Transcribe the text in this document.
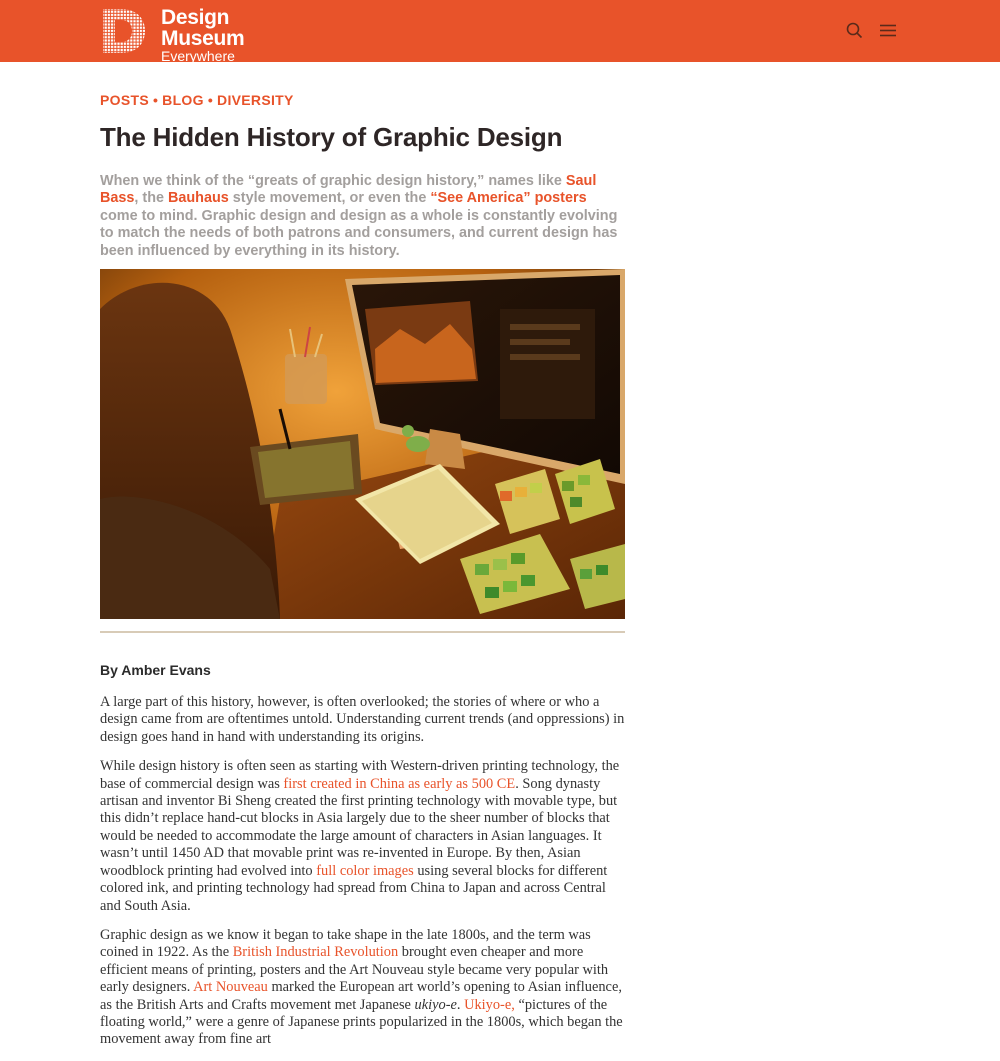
Design
Museum
Everywhere
POSTS • BLOG • DIVERSITY
The Hidden History of Graphic Design

When we think of the “greats of graphic design history,” names like Saul Bass, the Bauhaus style movement, or even the “See America” posters come to mind. Graphic design and design as a whole is constantly evolving to match the needs of both patrons and consumers, and current design has been influenced by everything in its history.

By Amber Evans

A large part of this history, however, is often overlooked; the stories of where or who a design came from are oftentimes untold. Understanding current trends (and oppressions) in design goes hand in hand with understanding its origins.

While design history is often seen as starting with Western-driven printing technology, the base of commercial design was first created in China as early as 500 CE. Song dynasty artisan and inventor Bi Sheng created the first printing technology with movable type, but this didn’t replace hand-cut blocks in Asia largely due to the sheer number of blocks that would be needed to accommodate the large amount of characters in Asian languages. It wasn’t until 1450 AD that movable print was re-invented in Europe. By then, Asian woodblock printing had evolved into full color images using several blocks for different colored ink, and printing technology had spread from China to Japan and across Central and South Asia.

Graphic design as we know it began to take shape in the late 1800s, and the term was coined in 1922. As the British Industrial Revolution brought even cheaper and more efficient means of printing, posters and the Art Nouveau style became very popular with early designers. Art Nouveau marked the European art world’s opening to Asian influence, as the British Arts and Crafts movement met Japanese ukiyo-e. Ukiyo-e, “pictures of the floating world,” were a genre of Japanese prints popularized in the 1800s, which began the movement away from fine art
